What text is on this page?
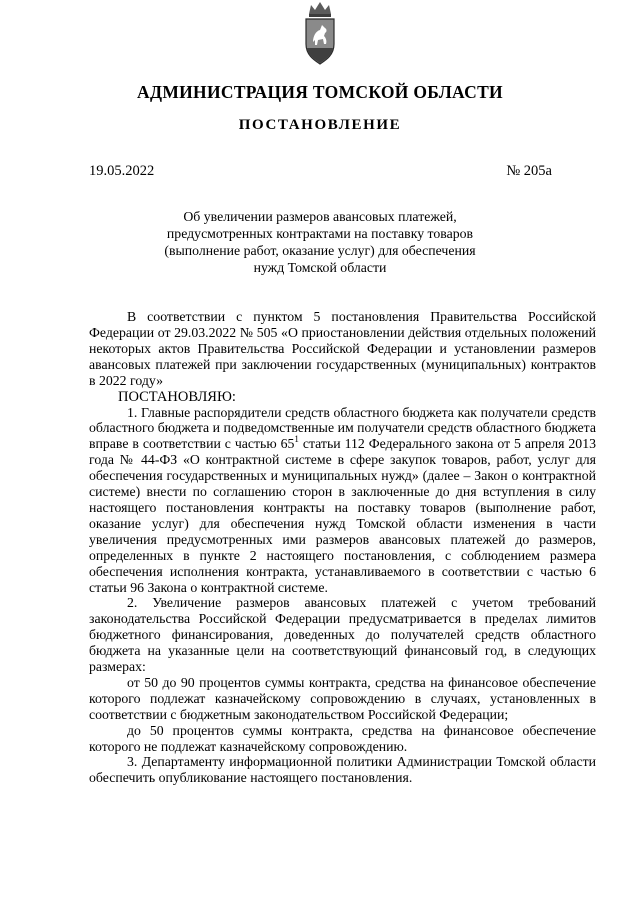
АДМИНИСТРАЦИЯ ТОМСКОЙ ОБЛАСТИ
ПОСТАНОВЛЕНИЕ
19.05.2022	№ 205а
Об увеличении размеров авансовых платежей,
предусмотренных контрактами на поставку товаров
(выполнение работ, оказание услуг) для обеспечения
нужд Томской области

В соответствии с пунктом 5 постановления Правительства Российской Федерации от 29.03.2022 № 505 «О приостановлении действия отдельных положений некоторых актов Правительства Российской Федерации и установлении размеров авансовых платежей при заключении государственных (муниципальных) контрактов в 2022 году»

ПОСТАНОВЛЯЮ:

1. Главные распорядители средств областного бюджета как получатели средств областного бюджета и подведомственные им получатели средств областного бюджета вправе в соответствии с частью $65^1$ статьи 112 Федерального закона от 5 апреля 2013 года № 44-ФЗ «О контрактной системе в сфере закупок товаров, работ, услуг для обеспечения государственных и муниципальных нужд» (далее – Закон о контрактной системе) внести по соглашению сторон в заключенные до дня вступления в силу настоящего постановления контракты на поставку товаров (выполнение работ, оказание услуг) для обеспечения нужд Томской области изменения в части увеличения предусмотренных ими размеров авансовых платежей до размеров, определенных в пункте 2 настоящего постановления, с соблюдением размера обеспечения исполнения контракта, устанавливаемого в соответствии с частью 6 статьи 96 Закона о контрактной системе.

2. Увеличение размеров авансовых платежей с учетом требований законодательства Российской Федерации предусматривается в пределах лимитов бюджетного финансирования, доведенных до получателей средств областного бюджета на указанные цели на соответствующий финансовый год, в следующих размерах:

от 50 до 90 процентов суммы контракта, средства на финансовое обеспечение которого подлежат казначейскому сопровождению в случаях, установленных в соответствии с бюджетным законодательством Российской Федерации;

до 50 процентов суммы контракта, средства на финансовое обеспечение которого не подлежат казначейскому сопровождению.

3. Департаменту информационной политики Администрации Томской области обеспечить опубликование настоящего постановления.
